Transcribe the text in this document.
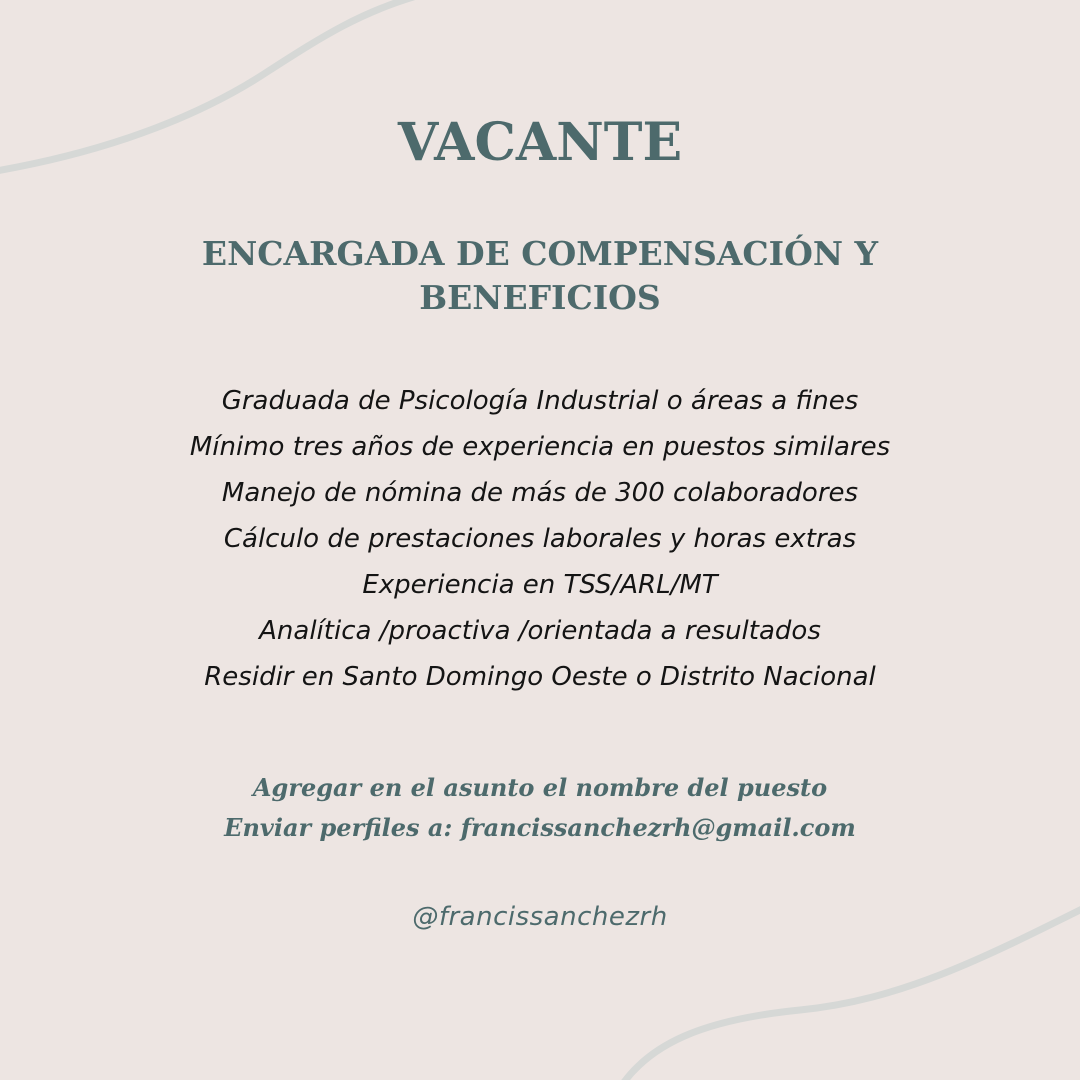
VACANTE
ENCARGADA DE COMPENSACIÓN Y BENEFICIOS
Graduada de Psicología Industrial o áreas a fines
Mínimo tres años de experiencia en puestos similares
Manejo de nómina de más de 300 colaboradores
Cálculo de prestaciones laborales y horas extras
Experiencia en TSS/ARL/MT
Analítica /proactiva /orientada a resultados
Residir en Santo Domingo Oeste o Distrito Nacional
Agregar en el asunto el nombre del puesto
Enviar perfiles a: francissanchezrh@gmail.com
@francissanchezrh
